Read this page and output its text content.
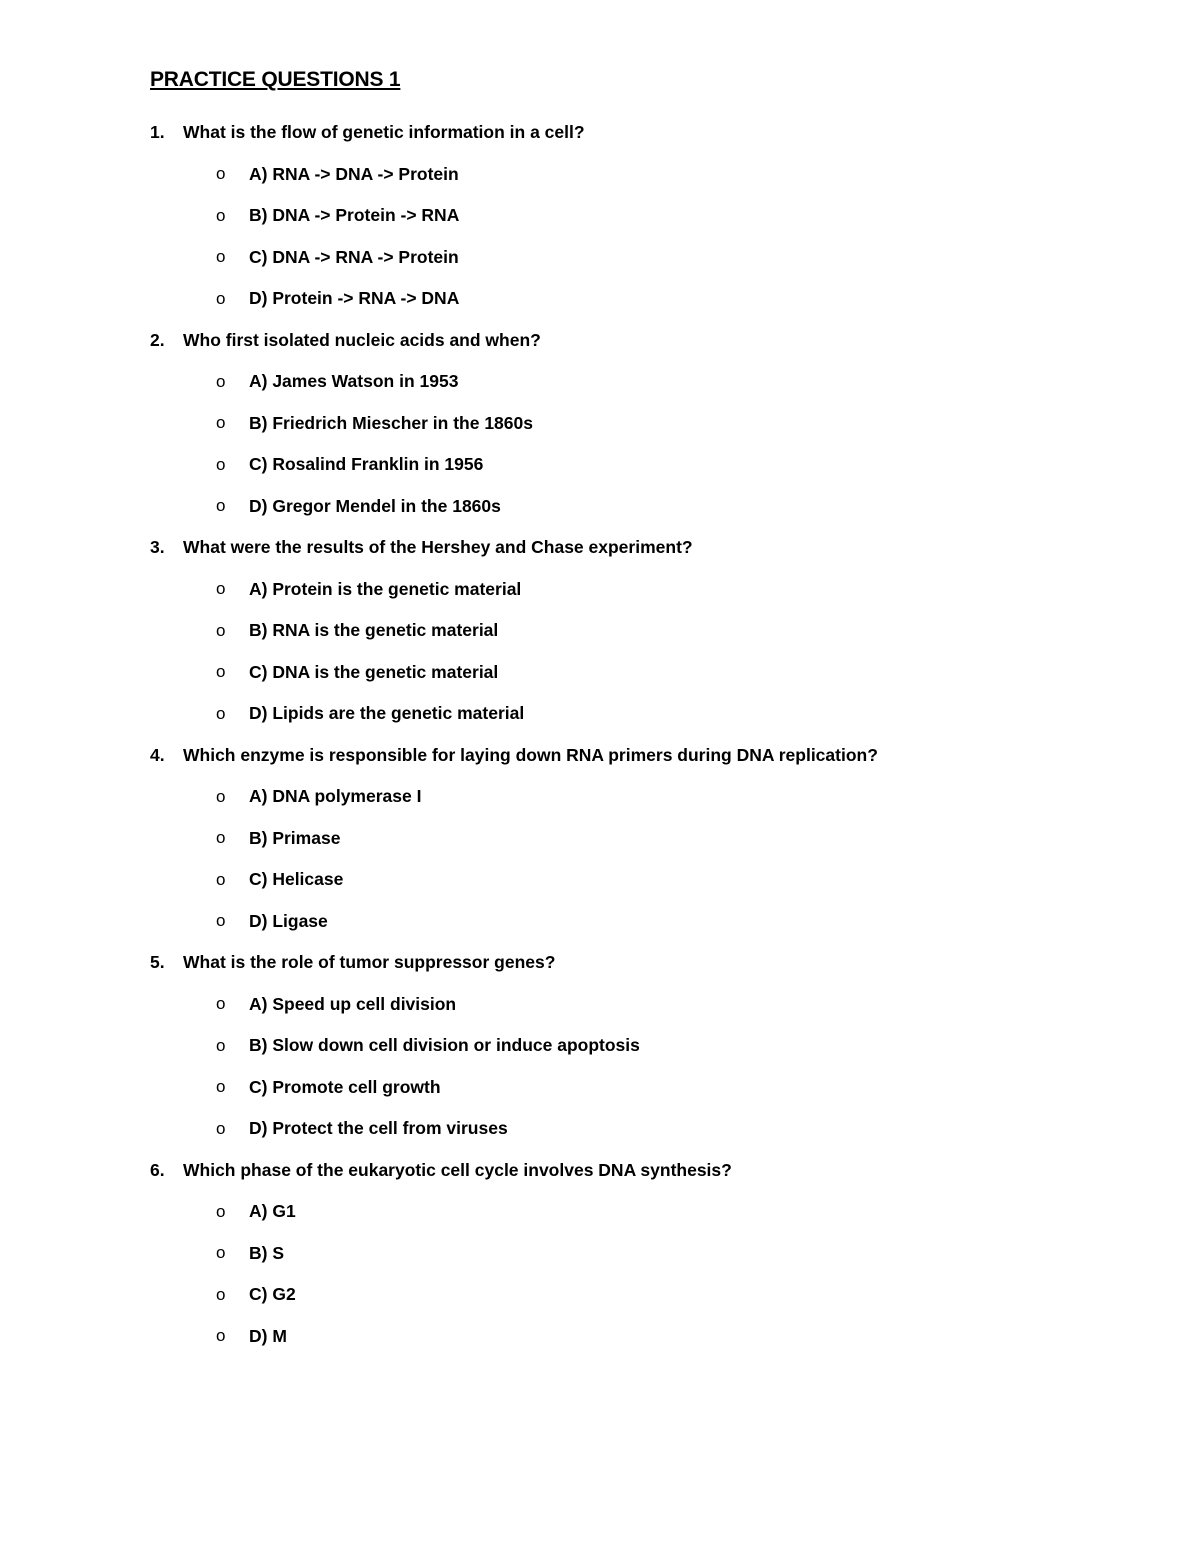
PRACTICE QUESTIONS 1
1.	What is the flow of genetic information in a cell?
o	A) RNA -> DNA -> Protein
o	B) DNA -> Protein -> RNA
o	C) DNA -> RNA -> Protein
o	D) Protein -> RNA -> DNA
2.	Who first isolated nucleic acids and when?
o	A) James Watson in 1953
o	B) Friedrich Miescher in the 1860s
o	C) Rosalind Franklin in 1956
o	D) Gregor Mendel in the 1860s
3.	What were the results of the Hershey and Chase experiment?
o	A) Protein is the genetic material
o	B) RNA is the genetic material
o	C) DNA is the genetic material
o	D) Lipids are the genetic material
4.	Which enzyme is responsible for laying down RNA primers during DNA replication?
o	A) DNA polymerase I
o	B) Primase
o	C) Helicase
o	D) Ligase
5.	What is the role of tumor suppressor genes?
o	A) Speed up cell division
o	B) Slow down cell division or induce apoptosis
o	C) Promote cell growth
o	D) Protect the cell from viruses
6.	Which phase of the eukaryotic cell cycle involves DNA synthesis?
o	A) G1
o	B) S
o	C) G2
o	D) M
